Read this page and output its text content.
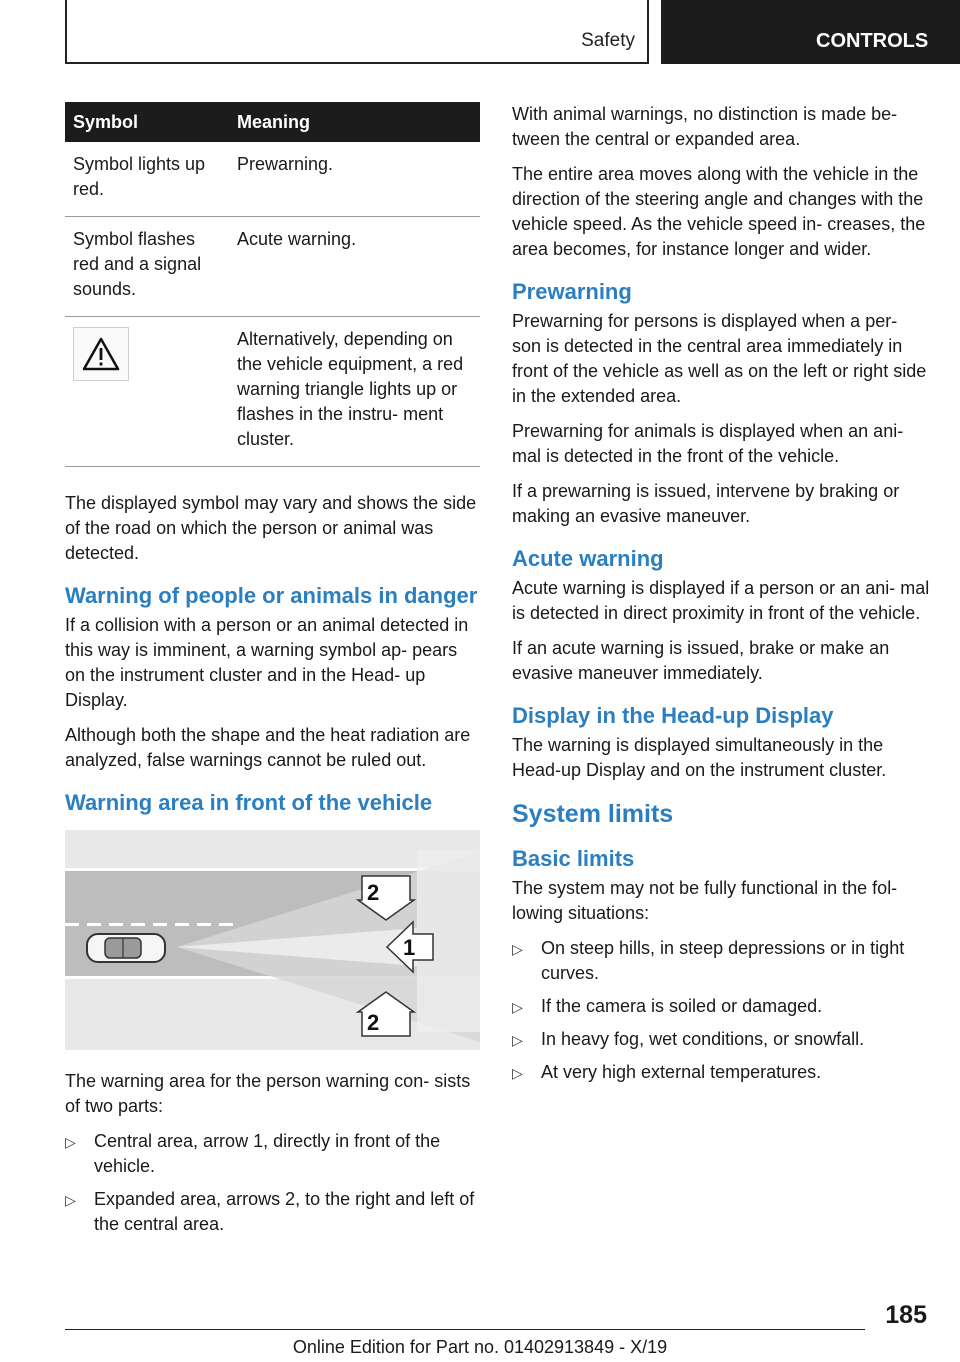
Safety	CONTROLS
Symbol	Meaning
Symbol lights up red.	Prewarning.
Symbol flashes red and a signal sounds.	Acute warning.

	Alternatively, depending on the vehicle equipment, a red warning triangle lights up or flashes in the instru- ment cluster.

The displayed symbol may vary and shows the side of the road on which the person or animal was detected.

Warning of people or animals in danger

If a collision with a person or an animal detected in this way is imminent, a warning symbol ap- pears on the instrument cluster and in the Head- up Display.

Although both the shape and the heat radiation are analyzed, false warnings cannot be ruled out.

Warning area in front of the vehicle
2
1
2

The warning area for the person warning con- sists of two parts:

▷ Central area, arrow 1, directly in front of the vehicle.
▷ Expanded area, arrows 2, to the right and left of the central area.

With animal warnings, no distinction is made be- tween the central or expanded area.

The entire area moves along with the vehicle in the direction of the steering angle and changes with the vehicle speed. As the vehicle speed in- creases, the area becomes, for instance longer and wider.

Prewarning

Prewarning for persons is displayed when a per- son is detected in the central area immediately in front of the vehicle as well as on the left or right side in the extended area.

Prewarning for animals is displayed when an ani- mal is detected in the front of the vehicle.

If a prewarning is issued, intervene by braking or making an evasive maneuver.

Acute warning

Acute warning is displayed if a person or an ani- mal is detected in direct proximity in front of the vehicle.

If an acute warning is issued, brake or make an evasive maneuver immediately.

Display in the Head-up Display

The warning is displayed simultaneously in the Head-up Display and on the instrument cluster.

System limits
Basic limits

The system may not be fully functional in the fol- lowing situations:

▷ On steep hills, in steep depressions or in tight curves.
▷ If the camera is soiled or damaged.
▷ In heavy fog, wet conditions, or snowfall.
▷ At very high external temperatures.
185
Online Edition for Part no. 01402913849 - X/19
